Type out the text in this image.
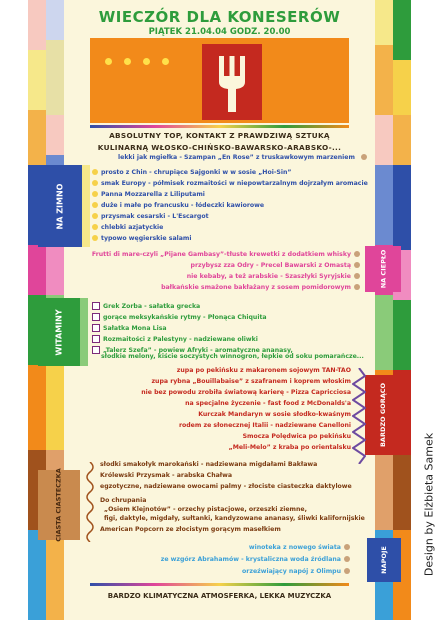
WIECZÓR DLA KONESERÓW
PIĄTEK 21.04.04 GODZ. 20.00
ABSOLUTNY TOP, KONTAKT Z PRAWDZIWĄ SZTUKĄ
KULINARNĄ WŁOSKO-CHIŃSKO-BAWARSKO-ARABSKO-...
lekki jak mgiełka - Szampan „En Rose” z truskawkowym marzeniem
NA ZIMNO
prosto z Chin - chrupiące Sajgonki w w sosie „Hoi-Sin”
smak Europy - półmisek rozmaitości w niepowtarzalnym dojrzałym aromacie
Panna Mozzarella z Liliputami
duże i małe po francusku - łódeczki kawiorowe
przysmak cesarski - L'Escargot
chlebki azjatyckie
typowo węgierskie salami
NA CIEPŁO
Frutti di mare-czyli „Pijane Gambasy”-tłuste krewetki z dodatkiem whisky
przybysz zza Odry - Precel Bawarski z Omastą
nie kebaby, a też arabskie - Szaszłyki Syryjskie
bałkańskie smażone bakłażany z sosem pomidorowym
WITAMINY
Grek Zorba - sałatka grecka
gorące meksykańskie rytmy - Płonąca Chiquita
Sałatka Mona Lisa
Rozmaitości z Palestyny - nadziewane oliwki
„Talerz Szefa” - powiew Afryki - aromatyczne ananasy,
słodkie melony, kiście soczystych winnogron, łepkie od soku pomarańcze...
BARDZO GORĄCO
zupa po pekińsku z makaronem sojowym TAN-TAO
zupa rybna „Bouillabaise” z szafranem i koprem włoskim
nie bez powodu zrobiła światową karierę - Pizza Capricciosa
na specjalne życzenie - fast food z McDonalds'a
Kurczak Mandaryn w sosie słodko-kwaśnym
rodem ze słonecznej Italii - nadziewane Canelloni
Smocza Polędwica po pekińsku
„Meli-Melo” z kraba po orientalsku
CIASTA CIASTECZKA
słodki smakołyk marokański - nadziewana migdałami Bakława
Królewski Przysmak - arabska Chałwa
egzotyczne, nadziewane owocami palmy - złociste ciasteczka daktylowe
Do chrupania
„Osiem Klejnotów” - orzechy pistacjowe, orzeszki ziemne,
figi, daktyle, migdały, sułtanki, kandyzowane ananasy, śliwki kalifornijskie
American Popcorn ze złocistym gorącym masełkiem
NAPOJE
winoteka z nowego świata
ze wzgórz Abrahamów - krystaliczna woda źródlana
orzeźwiający napój z Olimpu
BARDZO KLIMATYCZNA ATMOSFERKA, LEKKA MUZYCZKA
Design by Elżbieta Samek
